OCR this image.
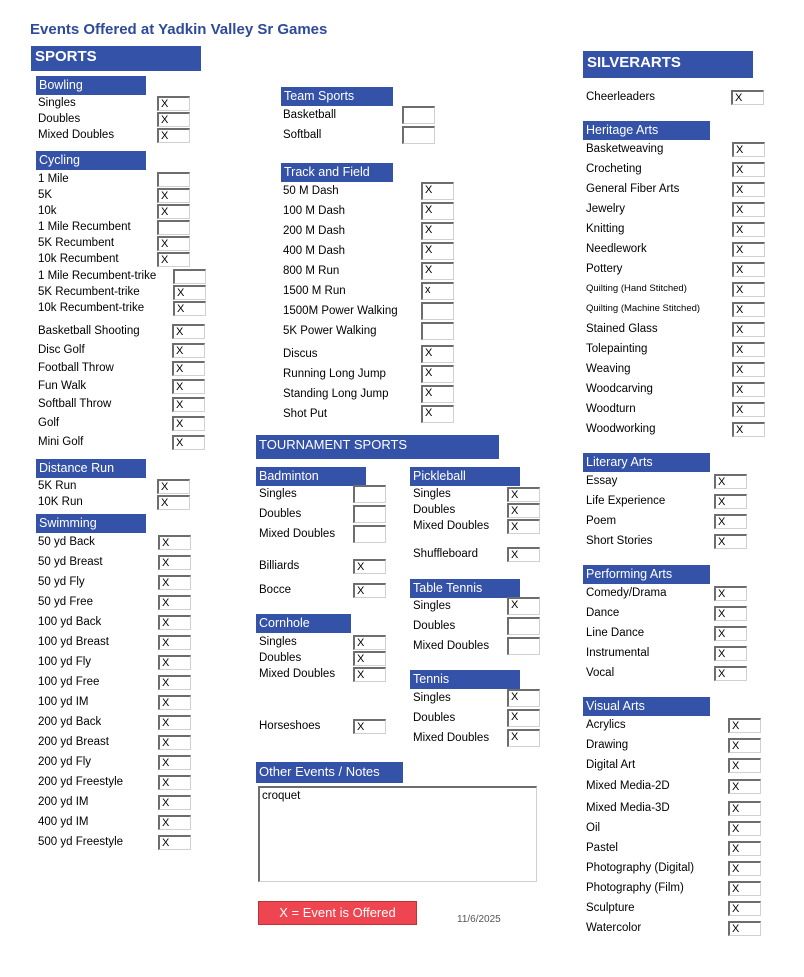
Events Offered at Yadkin Valley Sr Games
SPORTS	SILVERARTS
TOURNAMENT SPORTS
Bowling
Singles	X
Doubles	X
Mixed Doubles	X
Cycling
1 Mile
5K	X
10k	X
1 Mile Recumbent
5K Recumbent	X
10k Recumbent	X
1 Mile Recumbent-trike
5K Recumbent-trike	X
10k Recumbent-trike	X
Basketball Shooting	X
Disc Golf	X
Football Throw	X
Fun Walk	X
Softball Throw	X
Golf	X
Mini Golf	X
Distance Run
5K Run	X
10K Run	X
Swimming
50 yd Back	X
50 yd Breast	X
50 yd Fly	X
50 yd Free	X
100 yd Back	X
100 yd Breast	X
100 yd Fly	X
100 yd Free	X
100 yd IM	X
200 yd Back	X
200 yd Breast	X
200 yd Fly	X
200 yd Freestyle	X
200 yd IM	X
400 yd IM	X
500 yd Freestyle	X
Team Sports
Basketball
Softball
Track and Field
50 M Dash	X
100 M Dash	X
200 M Dash	X
400 M Dash	X
800 M Run	X
1500 M Run	x
1500M Power Walking
5K Power Walking
Discus	X
Running Long Jump	X
Standing Long Jump	X
Shot Put	X
Badminton
Singles
Doubles
Mixed Doubles
Billiards	X
Bocce	X
Cornhole
Singles	X
Doubles	X
Mixed Doubles	X
Horseshoes	X
Pickleball
Singles	X
Doubles	X
Mixed Doubles	X
Shuffleboard	X
Table Tennis
Singles	X
Doubles
Mixed Doubles
Tennis
Singles	X
Doubles	X
Mixed Doubles	X
Cheerleaders	X
Heritage Arts
Basketweaving	X
Crocheting	X
General Fiber Arts	X
Jewelry	X
Knitting	X
Needlework	X
Pottery	X
Quilting (Hand Stitched)	X
Quilting (Machine Stitched)	X
Stained Glass	X
Tolepainting	X
Weaving	X
Woodcarving	X
Woodturn	X
Woodworking	X
Literary Arts
Essay	X
Life Experience	X
Poem	X
Short Stories	X
Performing Arts
Comedy/Drama	X
Dance	X
Line Dance	X
Instrumental	X
Vocal	X
Visual Arts
Acrylics	X
Drawing	X
Digital Art	X
Mixed Media-2D	X
Mixed Media-3D	X
Oil	X
Pastel	X
Photography (Digital)	X
Photography (Film)	X
Sculpture	X
Watercolor	X
Other Events / Notes
croquet
X = Event is Offered	11/6/2025
